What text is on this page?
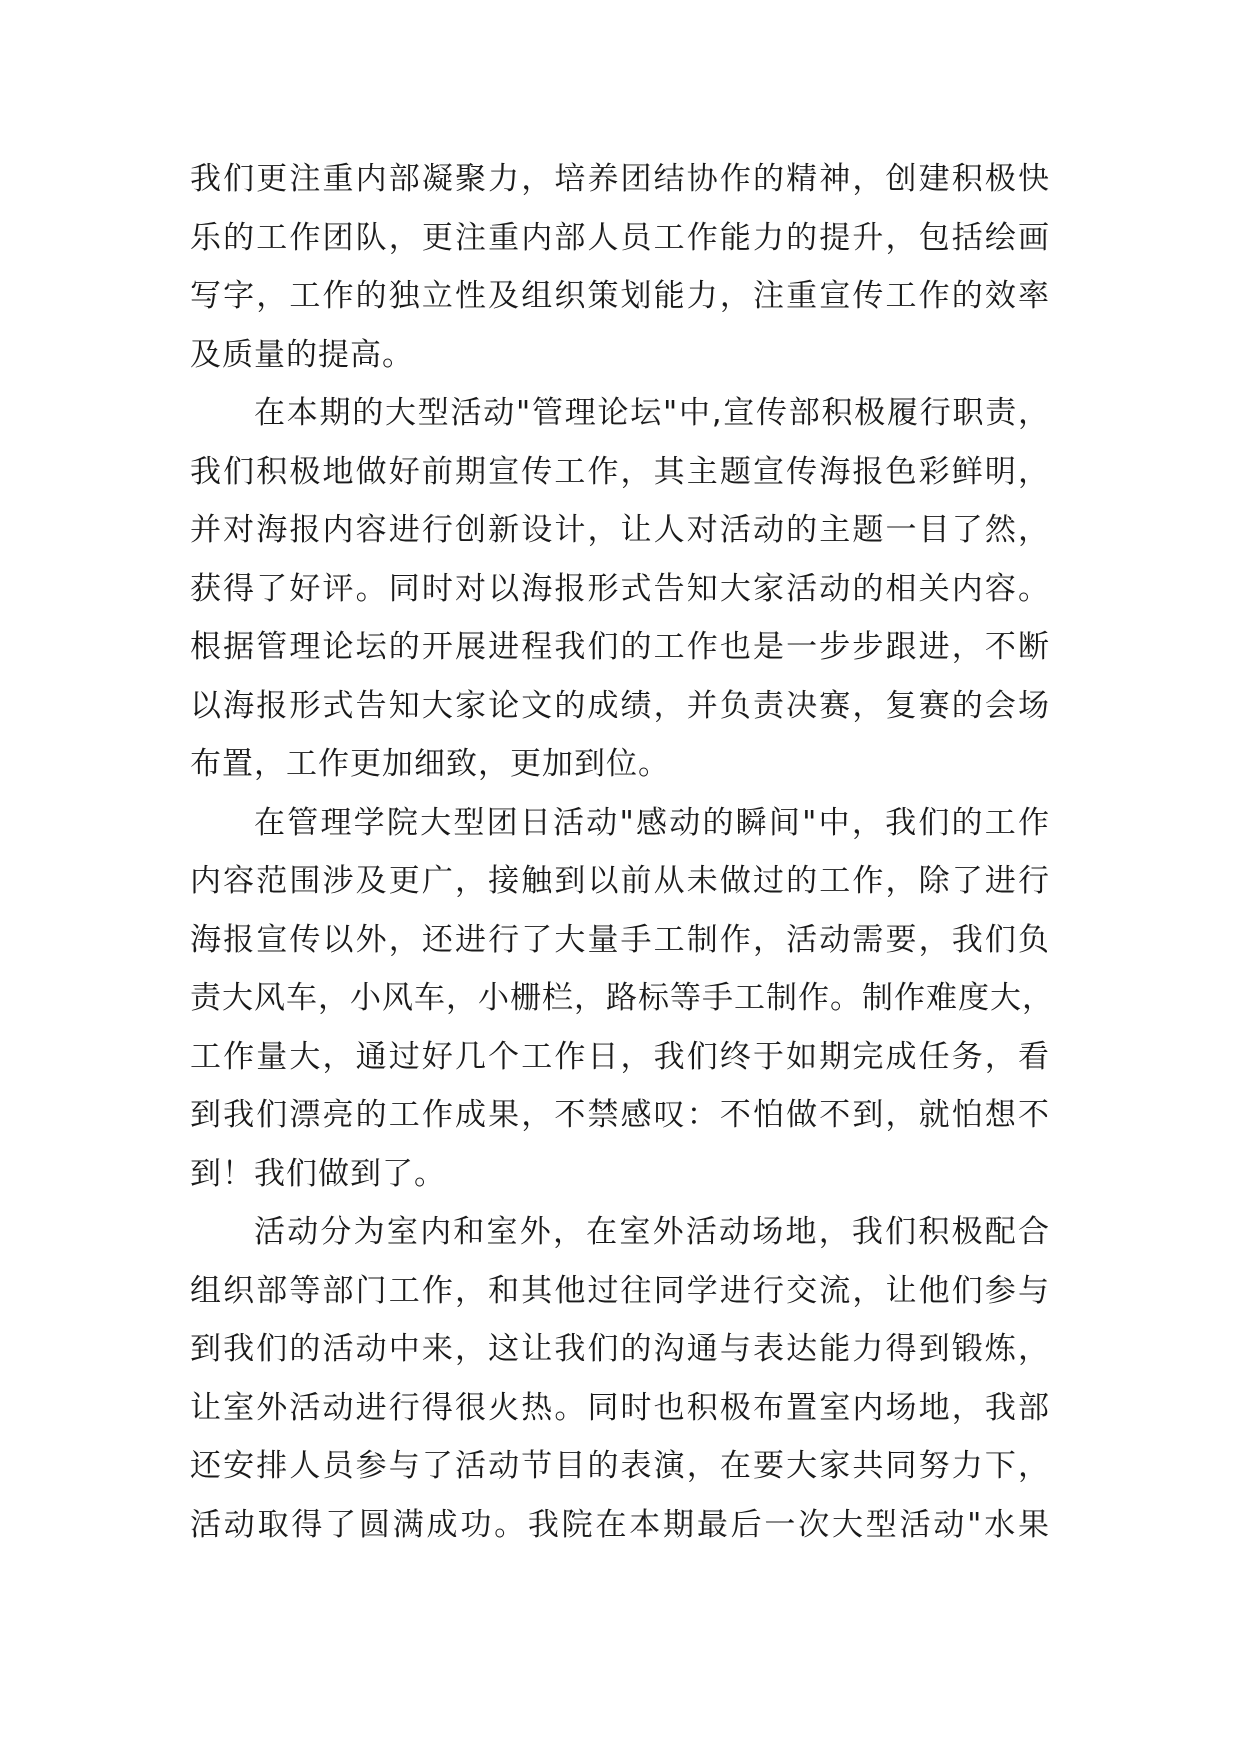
我们更注重内部凝聚力，培养团结协作的精神，创建积极快
乐的工作团队，更注重内部人员工作能力的提升，包括绘画
写字，工作的独立性及组织策划能力，注重宣传工作的效率
及质量的提高。
在本期的大型活动"管理论坛"中,宣传部积极履行职责，
我们积极地做好前期宣传工作，其主题宣传海报色彩鲜明，
并对海报内容进行创新设计，让人对活动的主题一目了然，
获得了好评。同时对以海报形式告知大家活动的相关内容。
根据管理论坛的开展进程我们的工作也是一步步跟进，不断
以海报形式告知大家论文的成绩，并负责决赛，复赛的会场
布置，工作更加细致，更加到位。
在管理学院大型团日活动"感动的瞬间"中，我们的工作
内容范围涉及更广，接触到以前从未做过的工作，除了进行
海报宣传以外，还进行了大量手工制作，活动需要，我们负
责大风车，小风车，小栅栏，路标等手工制作。制作难度大，
工作量大，通过好几个工作日，我们终于如期完成任务，看
到我们漂亮的工作成果，不禁感叹：不怕做不到，就怕想不
到！我们做到了。
活动分为室内和室外，在室外活动场地，我们积极配合
组织部等部门工作，和其他过往同学进行交流，让他们参与
到我们的活动中来，这让我们的沟通与表达能力得到锻炼，
让室外活动进行得很火热。同时也积极布置室内场地，我部
还安排人员参与了活动节目的表演，在要大家共同努力下，
活动取得了圆满成功。我院在本期最后一次大型活动"水果
